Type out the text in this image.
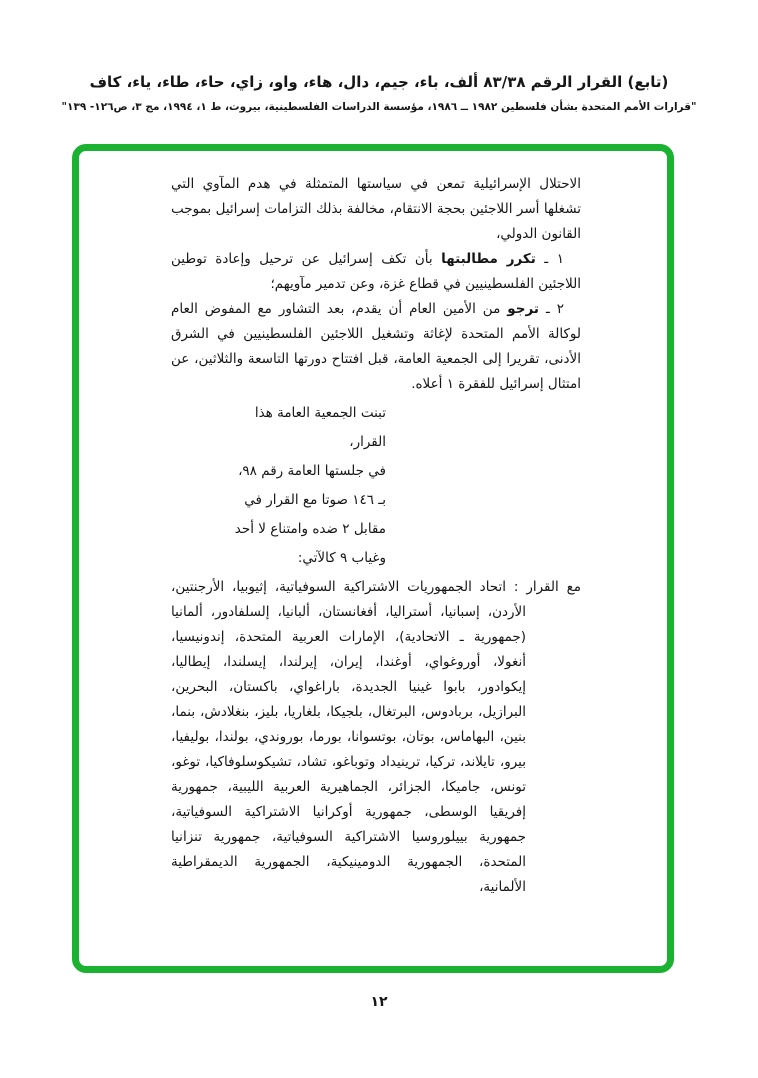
(تابع) القرار الرقم ٨٣/٣٨ ألف، باء، جيم، دال، هاء، واو، زاي، حاء، طاء، ياء، كاف
"قرارات الأمم المتحدة بشأن فلسطين ١٩٨٢ ــ ١٩٨٦، مؤسسة الدراسات الفلسطينية، بيروت، ط ١، ١٩٩٤، مج ٣، ص١٢٦- ١٣٩"

الاحتلال الإسرائيلية تمعن في سياستها المتمثلة في هدم المآوي التي تشغلها أسر اللاجئين بحجة الانتقام، مخالفة بذلك التزامات إسرائيل بموجب القانون الدولي،

١ ـ تكرر مطالبتها بأن تكف إسرائيل عن ترحيل وإعادة توطين اللاجئين الفلسطينيين في قطاع غزة، وعن تدمير مآويهم؛

٢ ـ ترجو من الأمين العام أن يقدم، بعد التشاور مع المفوض العام لوكالة الأمم المتحدة لإغاثة وتشغيل اللاجئين الفلسطينيين في الشرق الأدنى، تقريرا إلى الجمعية العامة، قبل افتتاح دورتها التاسعة والثلاثين، عن امتثال إسرائيل للفقرة ١ أعلاه.

تبنت الجمعية العامة هذا القرار،
في جلستها العامة رقم ٩٨،
بـ ١٤٦ صوتا مع القرار في
مقابل ٢ ضده وامتناع لا أحد
وغياب ٩ كالآتي:

مع القرار : اتحاد الجمهوريات الاشتراكية السوفياتية، إثيوبيا، الأرجنتين، الأردن، إسبانيا، أستراليا، أفغانستان، ألبانيا، إلسلفادور، ألمانيا (جمهورية ـ الاتحادية)، الإمارات العربية المتحدة، إندونيسيا، أنغولا، أوروغواي، أوغندا، إيران، إيرلندا، إيسلندا، إيطاليا، إيكوادور، بابوا غينيا الجديدة، باراغواي، باكستان، البحرين، البرازيل، بربادوس، البرتغال، بلجيكا، بلغاريا، بليز، بنغلادش، بنما، بنين، البهاماس، بوتان، بوتسوانا، بورما، بوروندي، بولندا، بوليفيا، بيرو، تايلاند، تركيا، ترينيداد وتوباغو، تشاد، تشيكوسلوفاكيا، توغو، تونس، جاميكا، الجزائر، الجماهيرية العربية الليبية، جمهورية إفريقيا الوسطى، جمهورية أوكرانيا الاشتراكية السوفياتية، جمهورية بييلوروسيا الاشتراكية السوفياتية، جمهورية تنزانيا المتحدة، الجمهورية الدومينيكية، الجمهورية الديمقراطية الألمانية،

١٢
